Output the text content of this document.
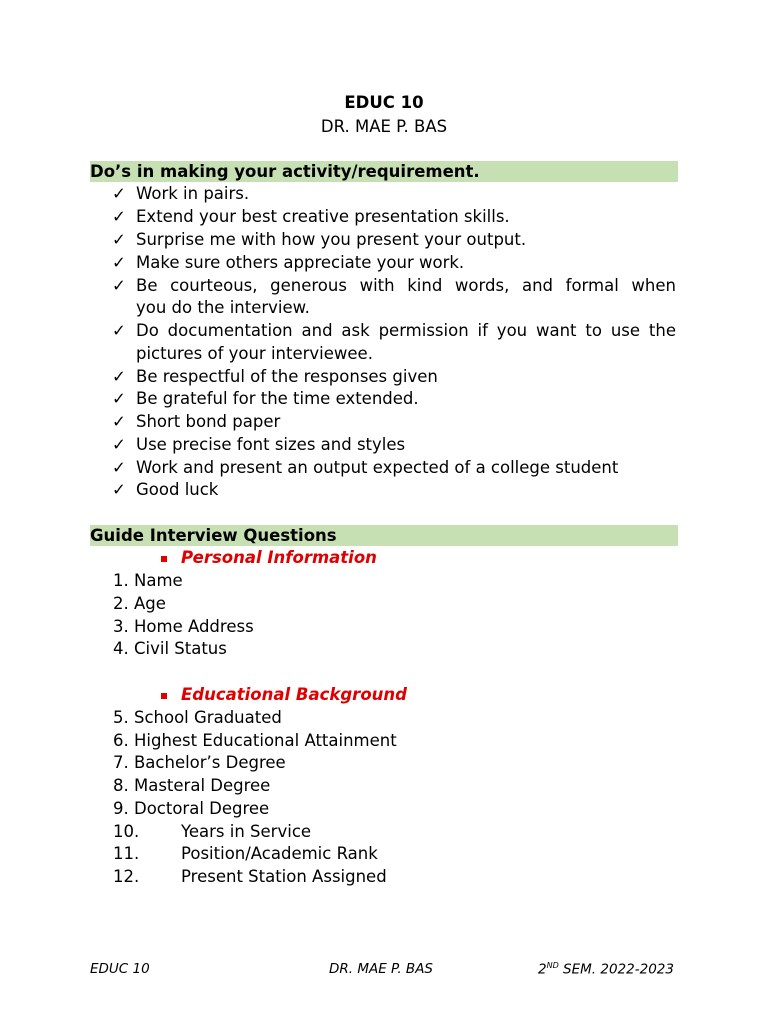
EDUC 10
DR. MAE P. BAS
Do’s in making your activity/requirement.
✓ Work in pairs.
✓ Extend your best creative presentation skills.
✓ Surprise me with how you present your output.
✓ Make sure others appreciate your work.
✓ Be courteous, generous with kind words, and formal when
you do the interview.
✓ Do documentation and ask permission if you want to use the
pictures of your interviewee.
✓ Be respectful of the responses given
✓ Be grateful for the time extended.
✓ Short bond paper
✓ Use precise font sizes and styles
✓ Work and present an output expected of a college student
✓ Good luck
Guide Interview Questions
Personal Information
1. Name
2. Age
3. Home Address
4. Civil Status
Educational Background
5. School Graduated
6. Highest Educational Attainment
7. Bachelor’s Degree
8. Masteral Degree
9. Doctoral Degree
10.	Years in Service
11.	Position/Academic Rank
12.	Present Station Assigned
EDUC 10	DR. MAE P. BAS	2ND SEM. 2022-2023
